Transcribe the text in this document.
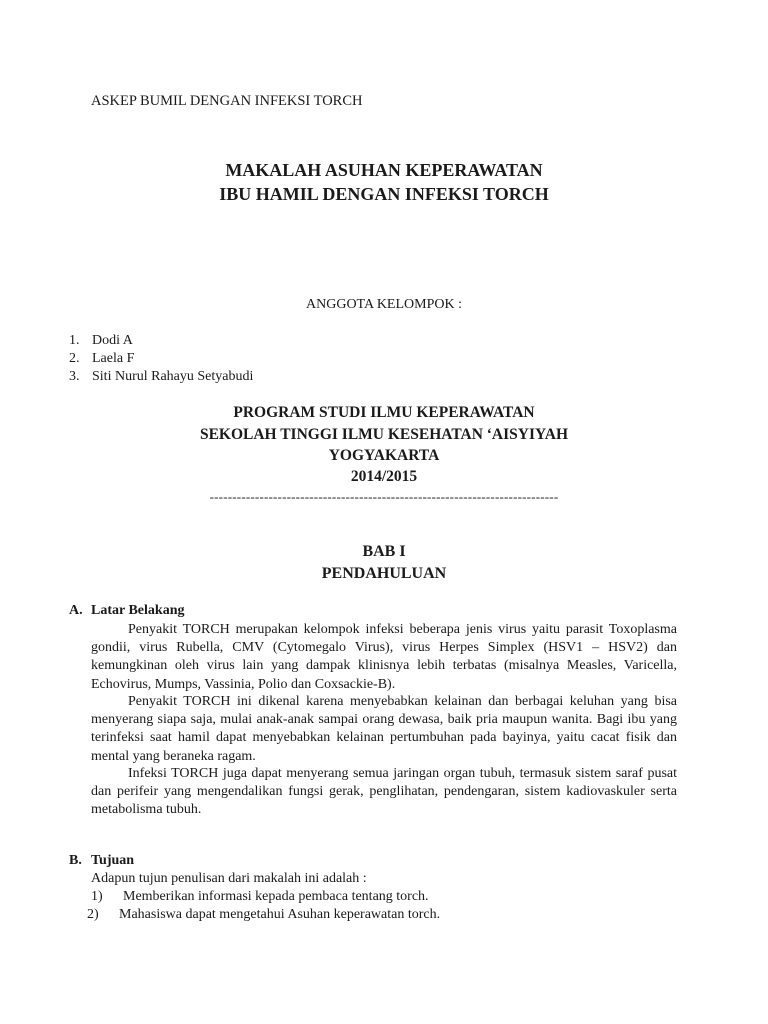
ASKEP BUMIL DENGAN INFEKSI TORCH
MAKALAH ASUHAN KEPERAWATAN
IBU HAMIL DENGAN INFEKSI TORCH
ANGGOTA KELOMPOK :
1. Dodi A
2. Laela F
3. Siti Nurul Rahayu Setyabudi
PROGRAM STUDI ILMU KEPERAWATAN
SEKOLAH TINGGI ILMU KESEHATAN ‘AISYIYAH
YOGYAKARTA
2014/2015
-----------------------------------------------------------------------------
BAB I
PENDAHULUAN
A. Latar Belakang

Penyakit TORCH merupakan kelompok infeksi beberapa jenis virus yaitu parasit Toxoplasma gondii, virus Rubella, CMV (Cytomegalo Virus), virus Herpes Simplex (HSV1 – HSV2) dan kemungkinan oleh virus lain yang dampak klinisnya lebih terbatas (misalnya Measles, Varicella, Echovirus, Mumps, Vassinia, Polio dan Coxsackie-B).

Penyakit TORCH ini dikenal karena menyebabkan kelainan dan berbagai keluhan yang bisa menyerang siapa saja, mulai anak-anak sampai orang dewasa, baik pria maupun wanita. Bagi ibu yang terinfeksi saat hamil dapat menyebabkan kelainan pertumbuhan pada bayinya, yaitu cacat fisik dan mental yang beraneka ragam.

Infeksi TORCH juga dapat menyerang semua jaringan organ tubuh, termasuk sistem saraf pusat dan perifeir yang mengendalikan fungsi gerak, penglihatan, pendengaran, sistem kadiovaskuler serta metabolisma tubuh.

B. Tujuan
Adapun tujun penulisan dari makalah ini adalah :
1) Memberikan informasi kepada pembaca tentang torch.
2) Mahasiswa dapat mengetahui Asuhan keperawatan torch.
